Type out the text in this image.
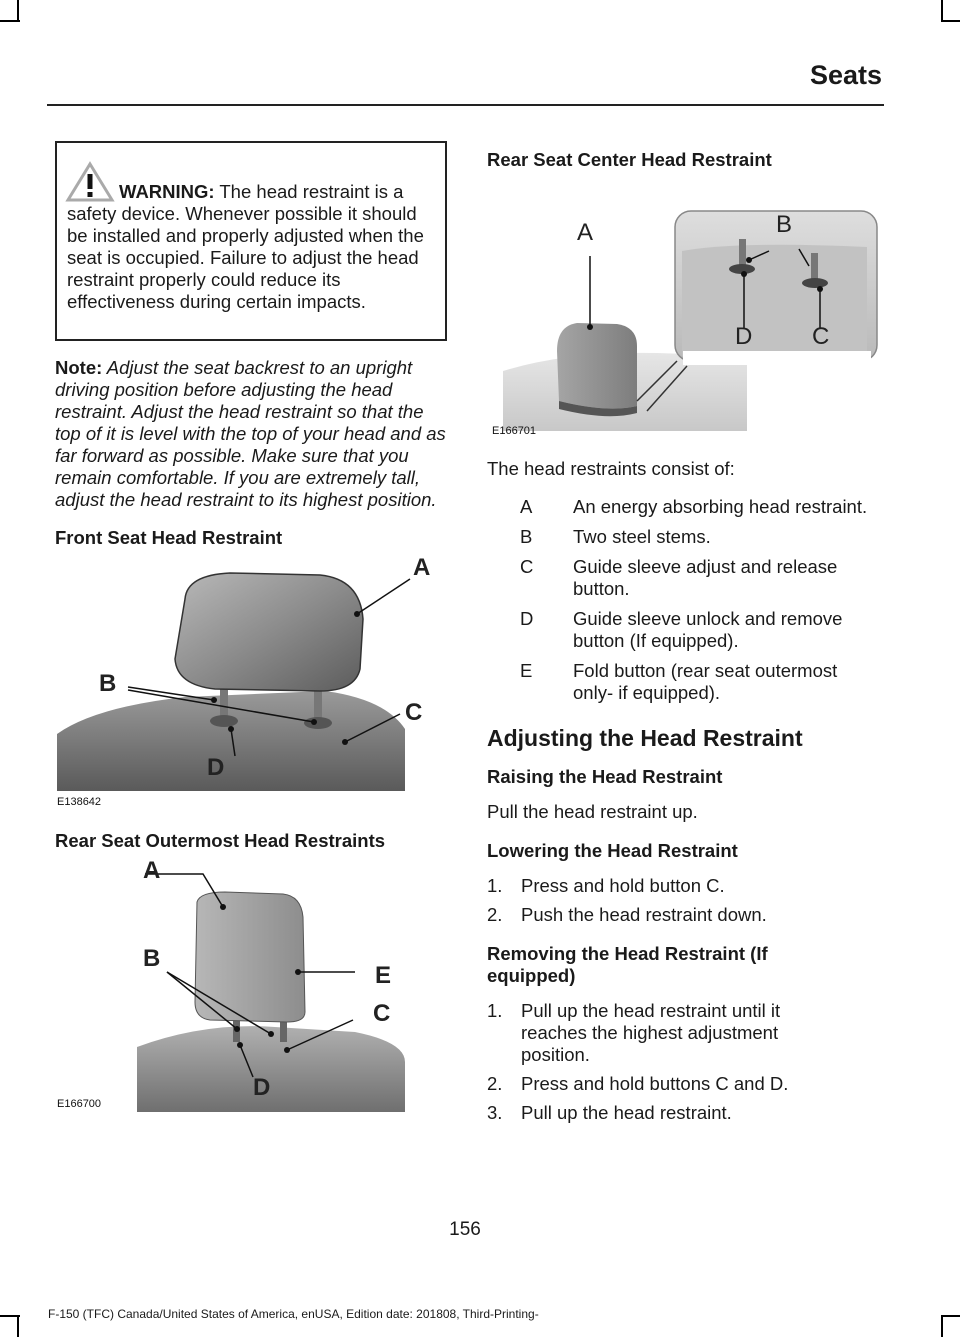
Seats

WARNING: The head restraint is a safety device. Whenever possible it should be installed and properly adjusted when the seat is occupied. Failure to adjust the head restraint properly could reduce its effectiveness during certain impacts.

Note: Adjust the seat backrest to an upright driving position before adjusting the head restraint. Adjust the head restraint so that the top of it is level with the top of your head and as far forward as possible. Make sure that you remain comfortable. If you are extremely tall, adjust the head restraint to its highest position.

Front Seat Head Restraint
A
B
C
D
E138642
Rear Seat Outermost Head Restraints
A
B
E
C
D
E166700
Rear Seat Center Head Restraint
A	B
D C
E166701
The head restraints consist of:
A	An energy absorbing head restraint.
B	Two steel stems.
C	Guide sleeve adjust and release button.
D	Guide sleeve unlock and remove button (If equipped).
E	Fold button (rear seat outermost only- if equipped).
Adjusting the Head Restraint
Raising the Head Restraint
Pull the head restraint up.
Lowering the Head Restraint
1.	Press and hold button C.
2.	Push the head restraint down.
Removing the Head Restraint (If equipped)
1.	Pull up the head restraint until it reaches the highest adjustment position.
2.	Press and hold buttons C and D.
3.	Pull up the head restraint.
156
F-150 (TFC) Canada/United States of America, enUSA, Edition date: 201808, Third-Printing-
